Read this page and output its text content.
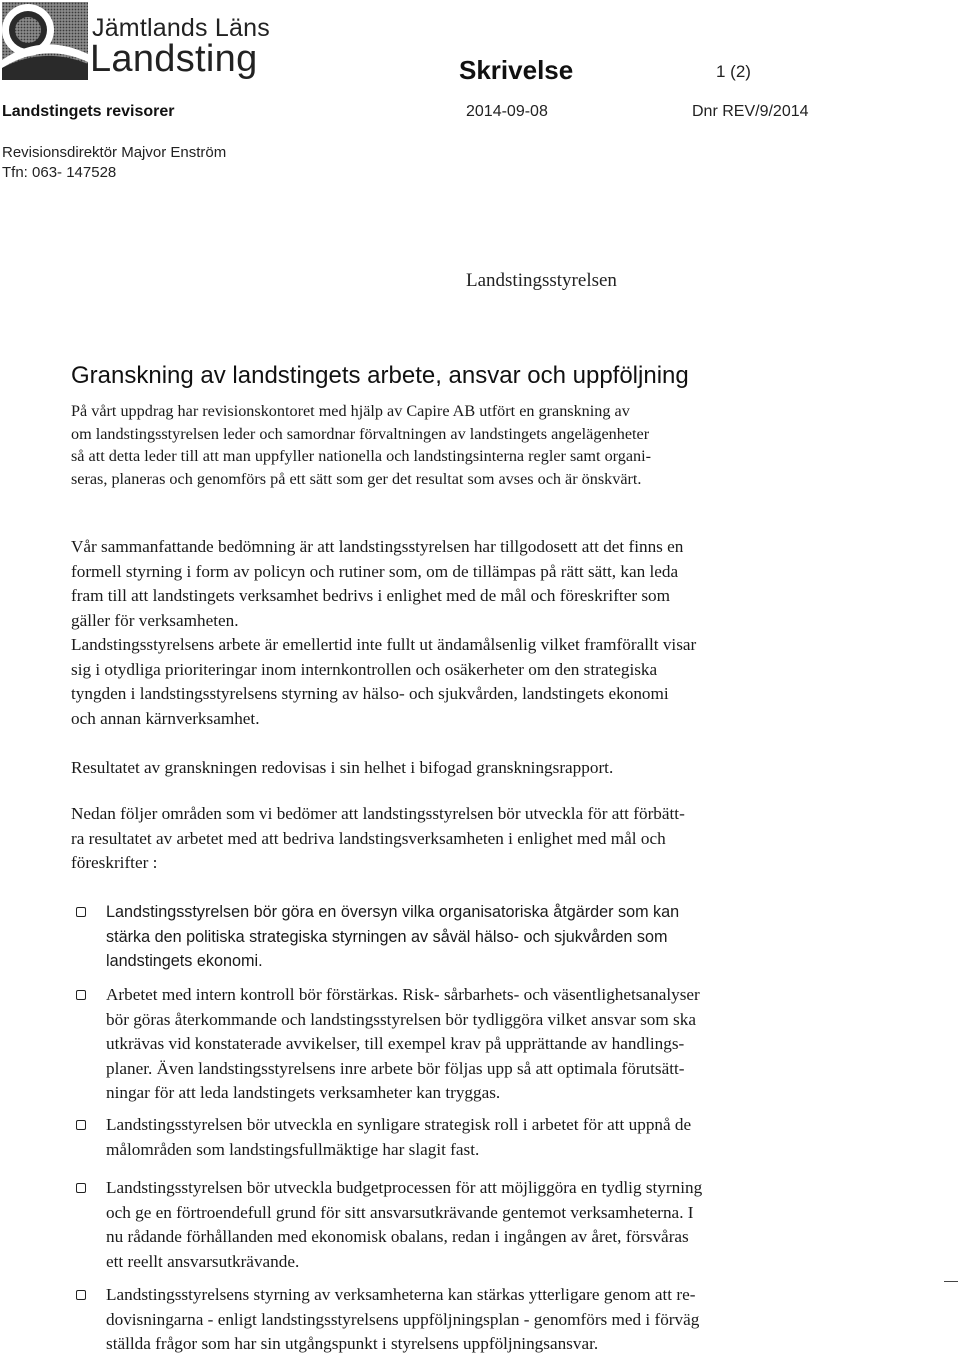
Jämtlands Läns
Landsting	Skrivelse	1 (2)
Landstingets revisorer	2014-09-08	Dnr REV/9/2014
Revisionsdirektör Majvor Enström
Tfn: 063- 147528
Landstingsstyrelsen
Granskning av landstingets arbete, ansvar och uppföljning
På vårt uppdrag har revisionskontoret med hjälp av Capire AB utfört en granskning av
om landstingsstyrelsen leder och samordnar förvaltningen av landstingets angelägenheter
så att detta leder till att man uppfyller nationella och landstingsinterna regler samt organi-
seras, planeras och genomförs på ett sätt som ger det resultat som avses och är önskvärt.
Vår sammanfattande bedömning är att landstingsstyrelsen har tillgodosett att det finns en
formell styrning i form av policyn och rutiner som, om de tillämpas på rätt sätt, kan leda
fram till att landstingets verksamhet bedrivs i enlighet med de mål och föreskrifter som
gäller för verksamheten.
Landstingsstyrelsens arbete är emellertid inte fullt ut ändamålsenlig vilket framförallt visar
sig i otydliga prioriteringar inom internkontrollen och osäkerheter om den strategiska
tyngden i landstingsstyrelsens styrning av hälso- och sjukvården, landstingets ekonomi
och annan kärnverksamhet.
Resultatet av granskningen redovisas i sin helhet i bifogad granskningsrapport.
Nedan följer områden som vi bedömer att landstingsstyrelsen bör utveckla för att förbätt-
ra resultatet av arbetet med att bedriva landstingsverksamheten i enlighet med mål och
föreskrifter :
Landstingsstyrelsen bör göra en översyn vilka organisatoriska åtgärder som kan
stärka den politiska strategiska styrningen av såväl hälso- och sjukvården som
landstingets ekonomi.
Arbetet med intern kontroll bör förstärkas. Risk- sårbarhets- och väsentlighetsanalyser
bör göras återkommande och landstingsstyrelsen bör tydliggöra vilket ansvar som ska
utkrävas vid konstaterade avvikelser, till exempel krav på upprättande av handlings-
planer. Även landstingsstyrelsens inre arbete bör följas upp så att optimala förutsätt-
ningar för att leda landstingets verksamheter kan tryggas.
Landstingsstyrelsen bör utveckla en synligare strategisk roll i arbetet för att uppnå de
målområden som landstingsfullmäktige har slagit fast.
Landstingsstyrelsen bör utveckla budgetprocessen för att möjliggöra en tydlig styrning
och ge en förtroendefull grund för sitt ansvarsutkrävande gentemot verksamheterna. I
nu rådande förhållanden med ekonomisk obalans, redan i ingången av året, försvåras
ett reellt ansvarsutkrävande.
Landstingsstyrelsens styrning av verksamheterna kan stärkas ytterligare genom att re-
dovisningarna - enligt landstingsstyrelsens uppföljningsplan - genomförs med i förväg
ställda frågor som har sin utgångspunkt i styrelsens uppföljningsansvar.
